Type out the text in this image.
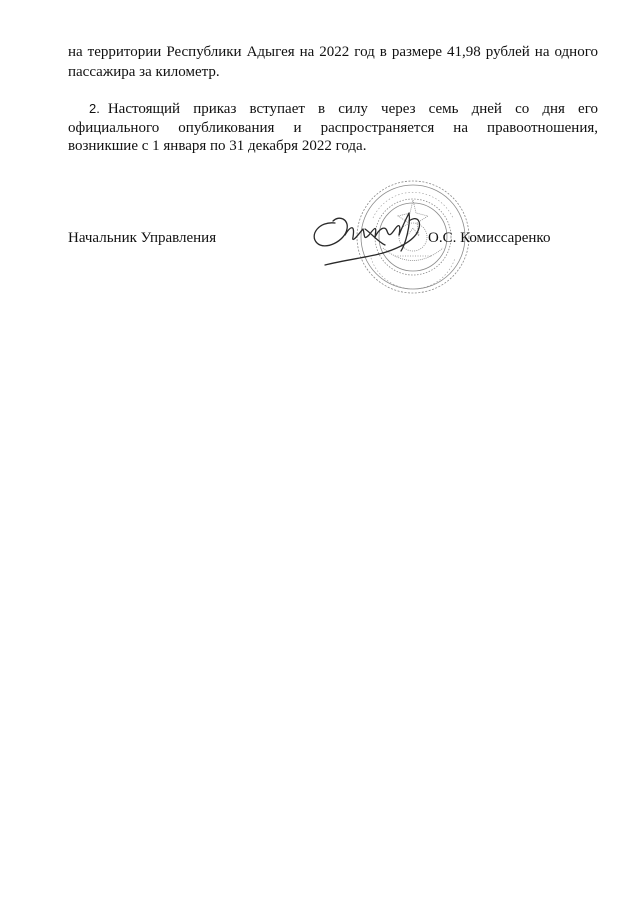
на территории Республики Адыгея на 2022 год в размере 41,98 рублей на одного
пассажира за километр.
2. Настоящий приказ вступает в силу через семь дней со дня его
официального опубликования и распространяется на правоотношения,
возникшие с 1 января по 31 декабря 2022 года.
Начальник Управления	О.С. Комиссаренко
